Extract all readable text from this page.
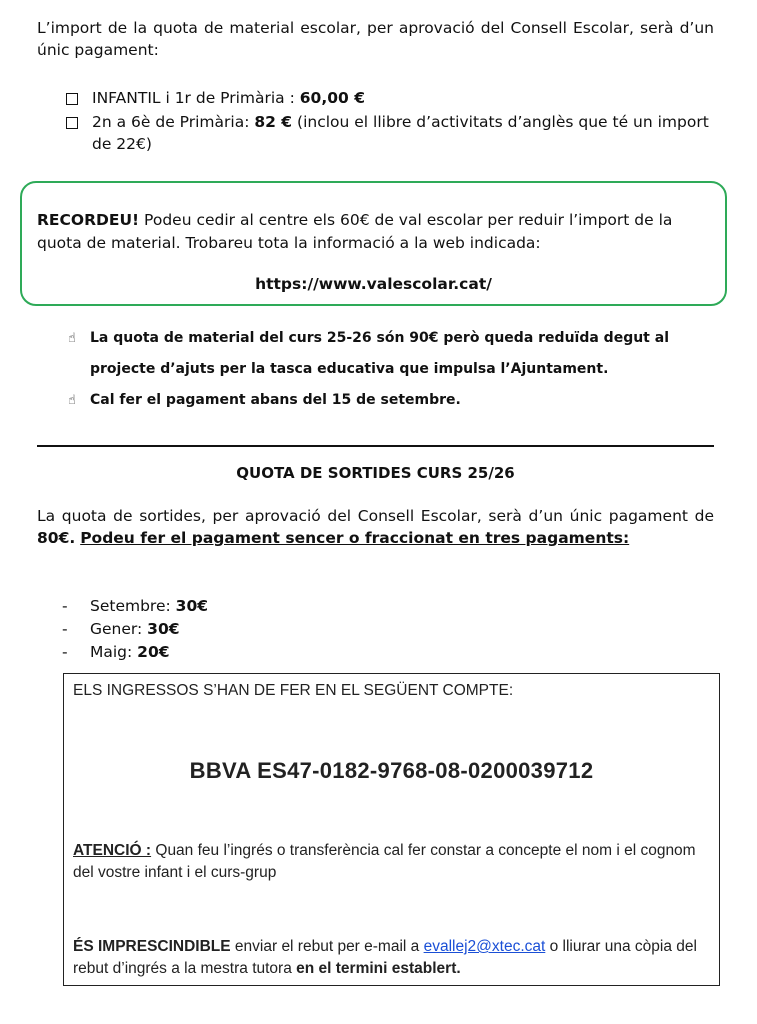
L’import de la quota de material escolar, per aprovació del Consell Escolar, serà d’un únic pagament:

INFANTIL i 1r de Primària : 60,00 €
2n a 6è de Primària: 82 € (inclou el llibre d’activitats d’anglès que té un import de 22€)
RECORDEU! Podeu cedir al centre els 60€ de val escolar per reduir l’import de la quota de material. Trobareu tota la informació a la web indicada:
https://www.valescolar.cat/
☝	La quota de material del curs 25-26 són 90€ però queda reduïda degut al projecte d’ajuts per la tasca educativa que impulsa l’Ajuntament.
☝	Cal fer el pagament abans del 15 de setembre.
QUOTA DE SORTIDES CURS 25/26

La quota de sortides, per aprovació del Consell Escolar, serà d’un únic pagament de 80€. Podeu fer el pagament sencer o fraccionat en tres pagaments:

- Setembre: 30€
- Gener: 30€
- Maig: 20€
ELS INGRESSOS S’HAN DE FER EN EL SEGÜENT COMPTE:
BBVA ES47-0182-9768-08-0200039712
ATENCIÓ : Quan feu l’ingrés o transferència cal fer constar a concepte el nom i el cognom del vostre infant i el curs-grup
ÉS IMPRESCINDIBLE enviar el rebut per e-mail a evallej2@xtec.cat o lliurar una còpia del rebut d’ingrés a la mestra tutora en el termini establert.
